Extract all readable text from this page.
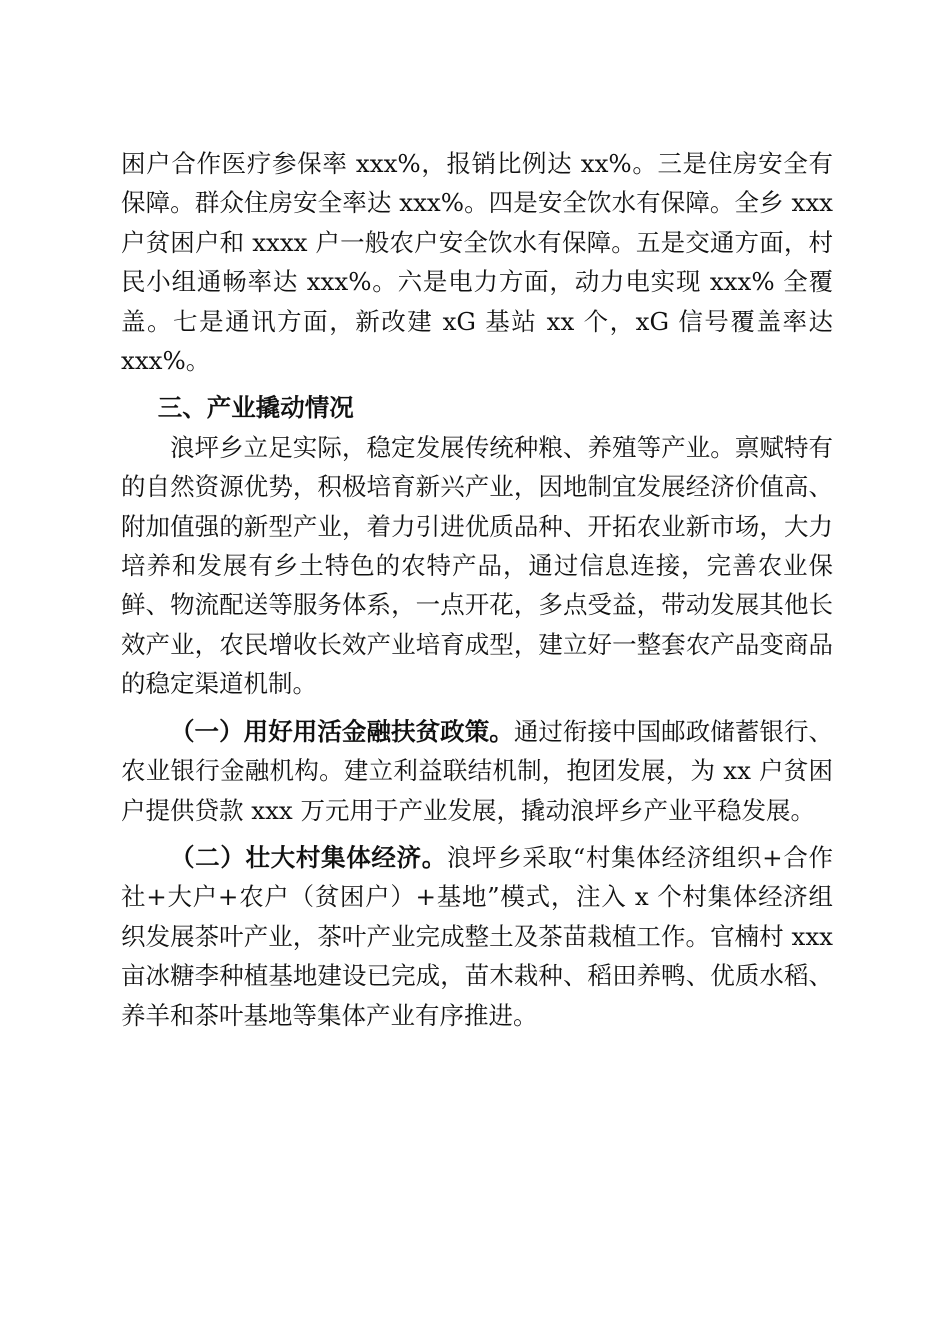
困户合作医疗参保率 xxx%，报销比例达 xx%。三是住房安全有保障。群众住房安全率达 xxx%。四是安全饮水有保障。全乡 xxx 户贫困户和 xxxx 户一般农户安全饮水有保障。五是交通方面，村民小组通畅率达 xxx%。六是电力方面，动力电实现 xxx% 全覆盖。七是通讯方面，新改建 xG 基站 xx 个，xG 信号覆盖率达 xxx%。

三、产业撬动情况

浪坪乡立足实际，稳定发展传统种粮、养殖等产业。禀赋特有的自然资源优势，积极培育新兴产业，因地制宜发展经济价值高、附加值强的新型产业，着力引进优质品种、开拓农业新市场，大力培养和发展有乡土特色的农特产品，通过信息连接，完善农业保鲜、物流配送等服务体系，一点开花，多点受益，带动发展其他长效产业，农民增收长效产业培育成型，建立好一整套农产品变商品的稳定渠道机制。

（一）用好用活金融扶贫政策。通过衔接中国邮政储蓄银行、农业银行金融机构。建立利益联结机制，抱团发展，为 xx 户贫困户提供贷款 xxx 万元用于产业发展，撬动浪坪乡产业平稳发展。

（二）壮大村集体经济。浪坪乡采取“村集体经济组织+合作社+大户+农户（贫困户）+基地”模式，注入 x 个村集体经济组织发展茶叶产业，茶叶产业完成整土及茶苗栽植工作。官楠村 xxx 亩冰糖李种植基地建设已完成，苗木栽种、稻田养鸭、优质水稻、养羊和茶叶基地等集体产业有序推进。
